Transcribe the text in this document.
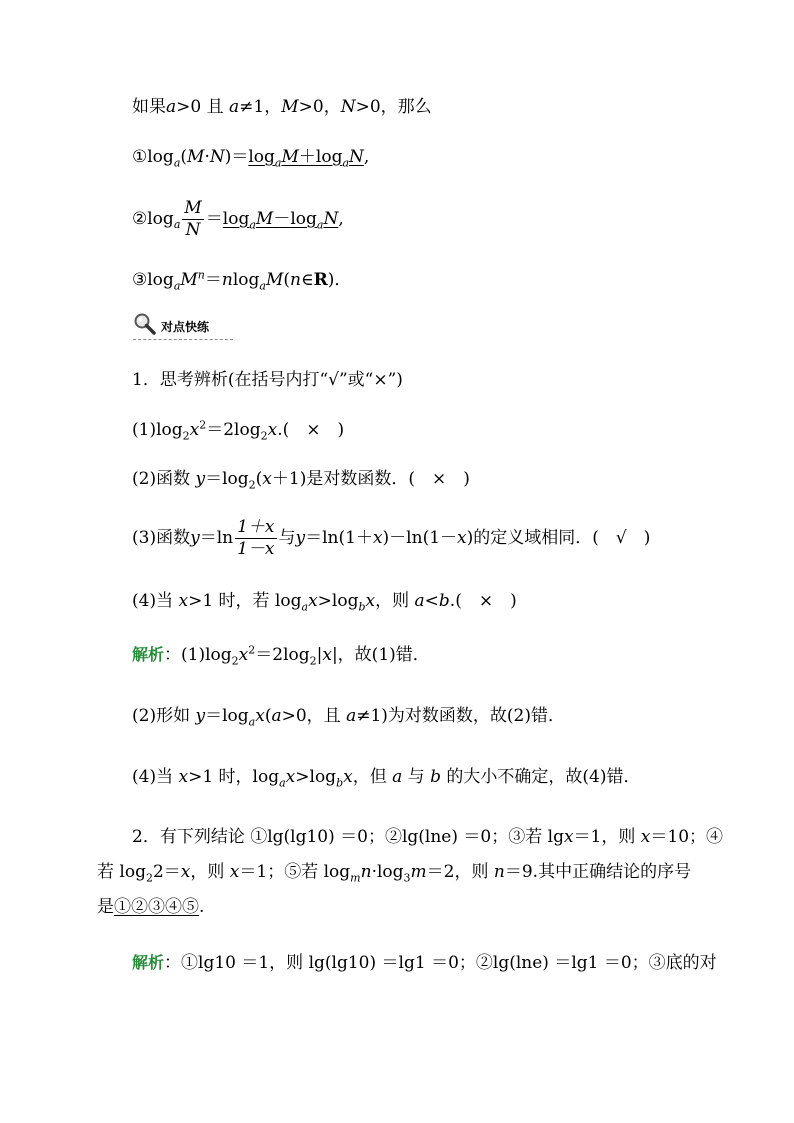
如果a>0 且 a≠1，M>0，N>0，那么
$①\log_a(M\cdot N)=\log_aM+\log_aN$,
② $\log_a \frac{M}{N} = \log_aM-\log_aN$ ,
$③\log_aM^n=nlog_aM(n\in R)$．
对点快练
1．思考辨析(在括号内打“√”或“×”)
$(1)\log_2x^2=2\log_2x$.(　×　)
(2)函数 $y=\log_2(x+1)$是对数函数．(　×　)
(3)函数 $y =\ln \frac{1+x}{1-x}$ 与 y ＝ln(1＋ x )－ln(1－ x )的定义域相同．(　√　)
(4)当 x>1 时，若 $\log_ax>\log_bx$，则 a<b.(　×　)
解析：$(1)\log_2x^2=2\log_2|x|$，故(1)错．
(2)形如 $y=\log_ax(a>0$，且 a≠1)为对数函数，故(2)错．
(4)当 x>1 时，$\log_ax>\log_bx$，但 a 与 b 的大小不确定，故(4)错．
2．有下列结论 ①lg(lg10) ＝0；②lg(lne) ＝0；③若 lgx＝1，则 x＝10；④
若 $\log_22=x$，则 x＝1；⑤若 $\log_mn\cdot\log_3m=2$，则 n＝9.其中正确结论的序号
是①②③④⑤.
解析：①lg10 ＝1，则 lg(lg10) ＝lg1 ＝0；②lg(lne) ＝lg1 ＝0；③底的对
